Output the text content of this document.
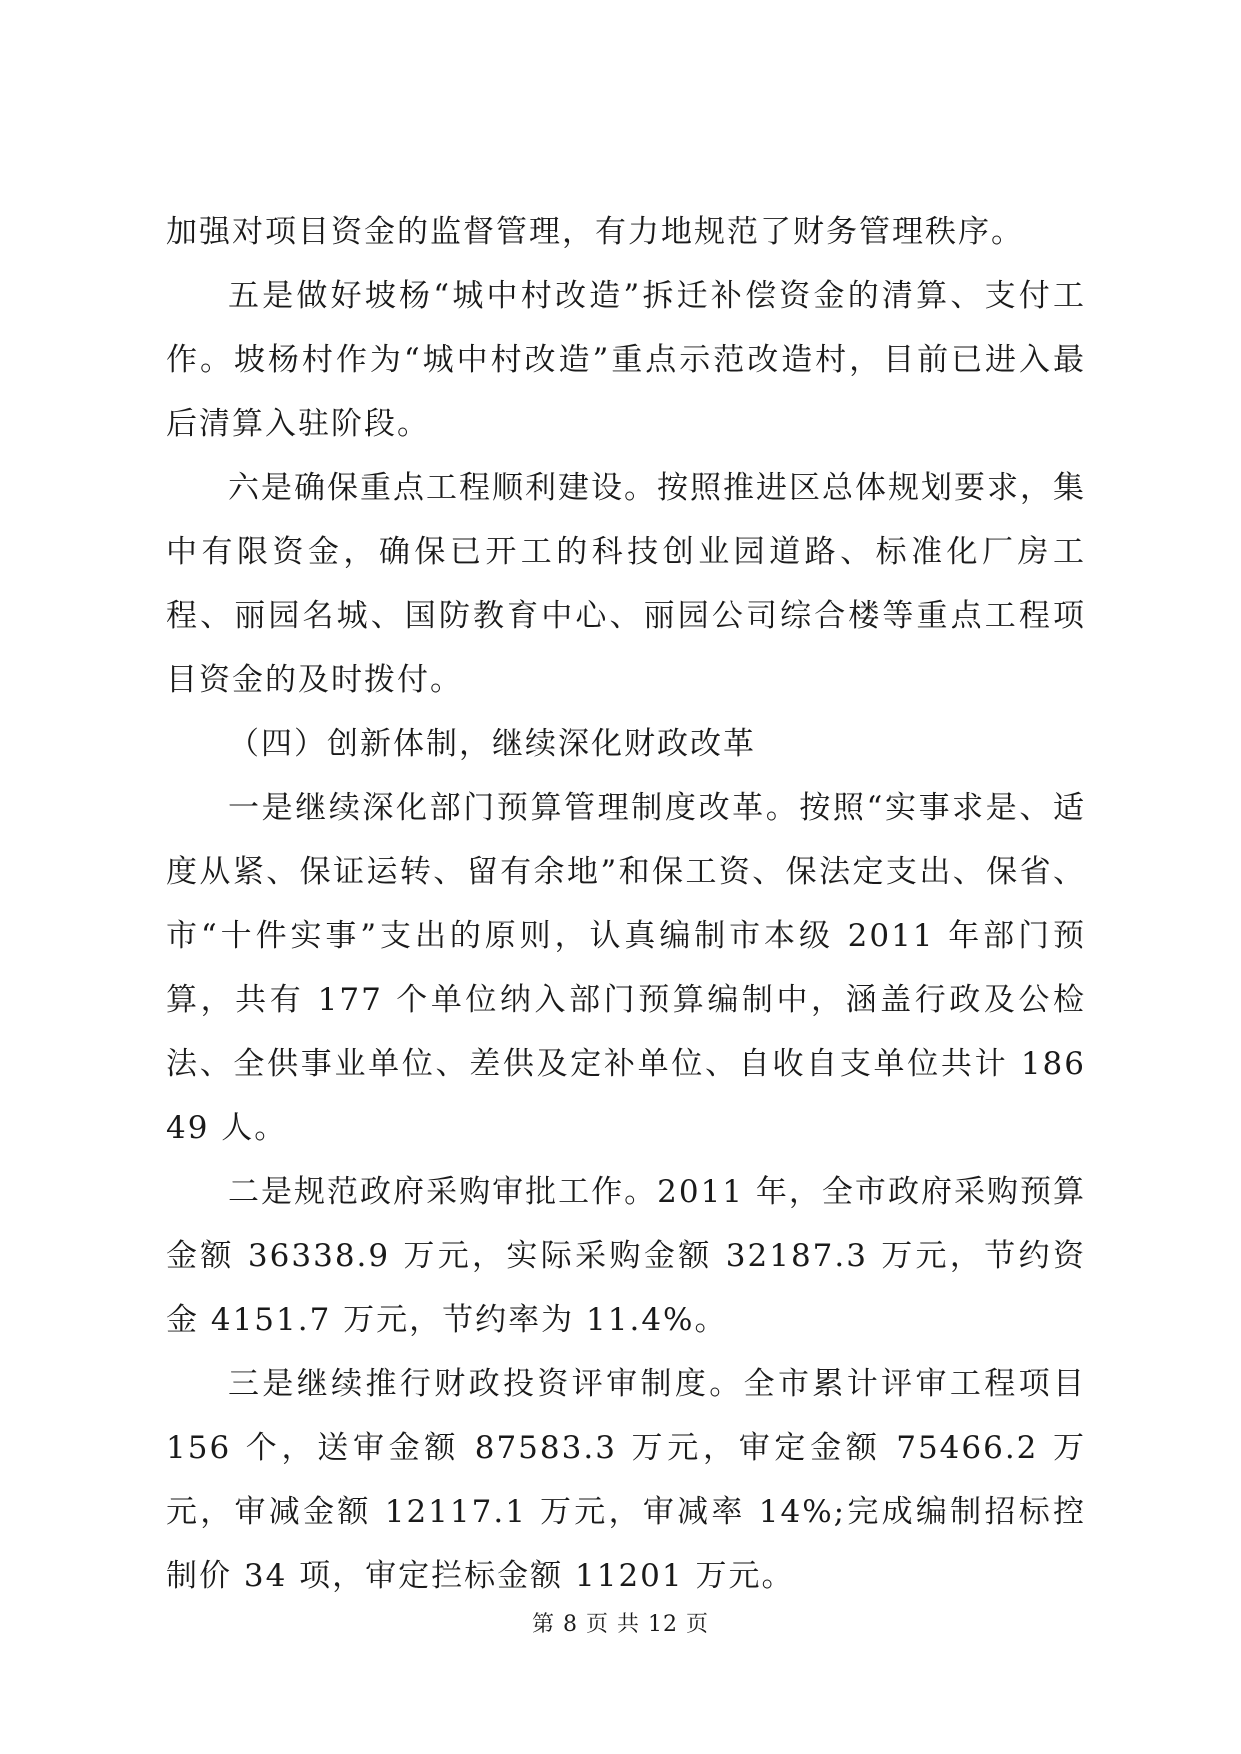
加强对项目资金的监督管理，有力地规范了财务管理秩序。

五是做好坡杨“城中村改造”拆迁补偿资金的清算、支付工作。坡杨村作为“城中村改造”重点示范改造村，目前已进入最后清算入驻阶段。

六是确保重点工程顺利建设。按照推进区总体规划要求，集中有限资金，确保已开工的科技创业园道路、标准化厂房工程、丽园名城、国防教育中心、丽园公司综合楼等重点工程项目资金的及时拨付。

（四）创新体制，继续深化财政改革

一是继续深化部门预算管理制度改革。按照“实事求是、适度从紧、保证运转、留有余地”和保工资、保法定支出、保省、市“十件实事”支出的原则，认真编制市本级 2011 年部门预算，共有 177 个单位纳入部门预算编制中，涵盖行政及公检法、全供事业单位、差供及定补单位、自收自支单位共计 18649 人。

二是规范政府采购审批工作。2011 年，全市政府采购预算金额 36338.9 万元，实际采购金额 32187.3 万元，节约资金 4151.7 万元，节约率为 11.4%。

三是继续推行财政投资评审制度。全市累计评审工程项目 156 个，送审金额 87583.3 万元，审定金额 75466.2 万元，审减金额 12117.1 万元，审减率 14%;完成编制招标控制价 34 项，审定拦标金额 11201 万元。

第 8 页 共 12 页
